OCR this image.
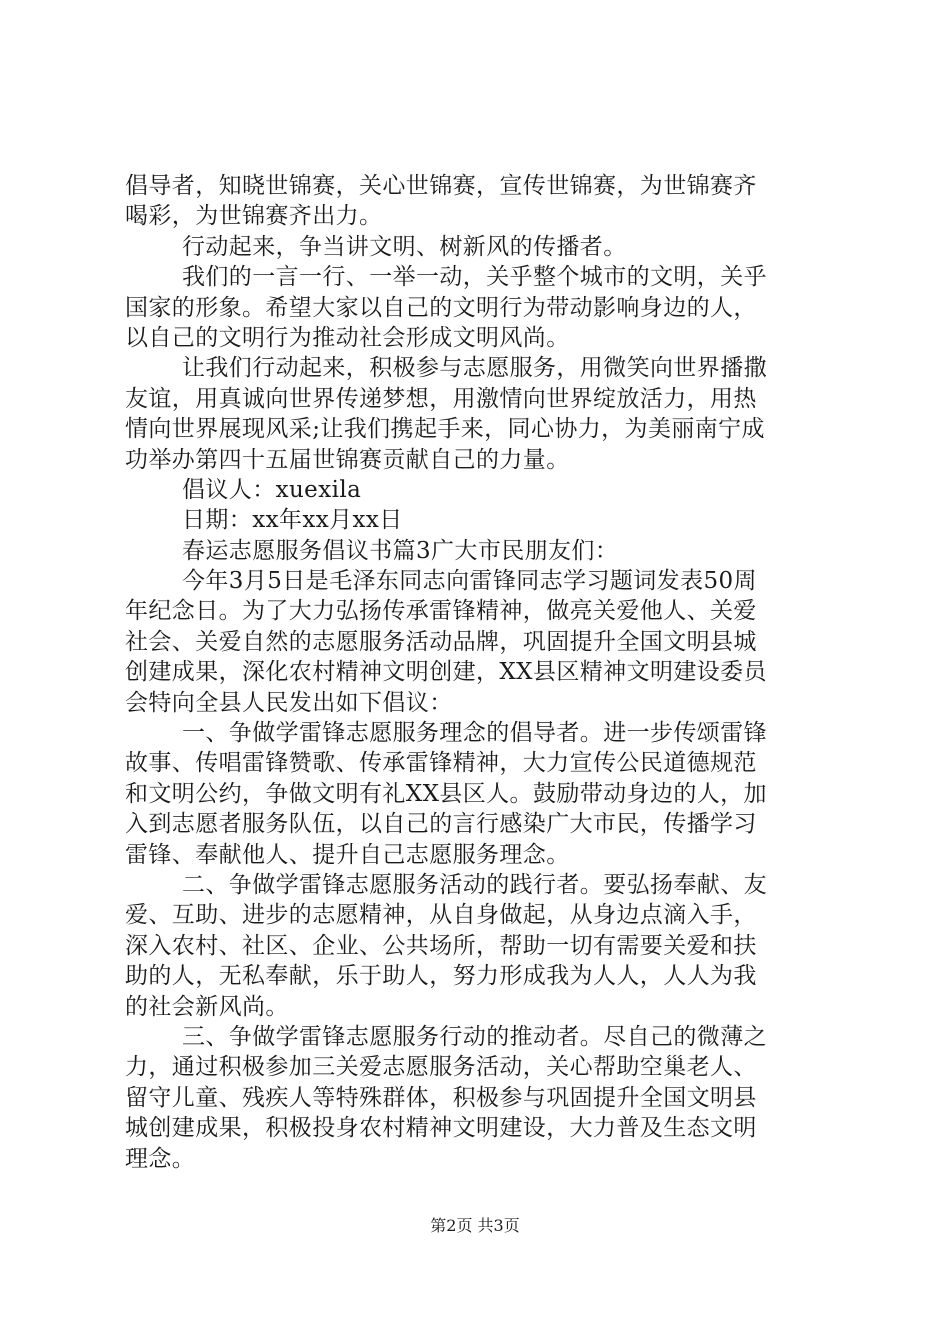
倡导者，知晓世锦赛，关心世锦赛，宣传世锦赛，为世锦赛齐
喝彩，为世锦赛齐出力。
行动起来，争当讲文明、树新风的传播者。
我们的一言一行、一举一动，关乎整个城市的文明，关乎
国家的形象。希望大家以自己的文明行为带动影响身边的人，
以自己的文明行为推动社会形成文明风尚。
让我们行动起来，积极参与志愿服务，用微笑向世界播撒
友谊，用真诚向世界传递梦想，用激情向世界绽放活力，用热
情向世界展现风采;让我们携起手来，同心协力，为美丽南宁成
功举办第四十五届世锦赛贡献自己的力量。
倡议人：xuexila
日期：xx年xx月xx日
春运志愿服务倡议书篇3广大市民朋友们：
今年3月5日是毛泽东同志向雷锋同志学习题词发表50周
年纪念日。为了大力弘扬传承雷锋精神，做亮关爱他人、关爱
社会、关爱自然的志愿服务活动品牌，巩固提升全国文明县城
创建成果，深化农村精神文明创建，XX县区精神文明建设委员
会特向全县人民发出如下倡议：
一、争做学雷锋志愿服务理念的倡导者。进一步传颂雷锋
故事、传唱雷锋赞歌、传承雷锋精神，大力宣传公民道德规范
和文明公约，争做文明有礼XX县区人。鼓励带动身边的人，加
入到志愿者服务队伍，以自己的言行感染广大市民，传播学习
雷锋、奉献他人、提升自己志愿服务理念。
二、争做学雷锋志愿服务活动的践行者。要弘扬奉献、友
爱、互助、进步的志愿精神，从自身做起，从身边点滴入手，
深入农村、社区、企业、公共场所，帮助一切有需要关爱和扶
助的人，无私奉献，乐于助人，努力形成我为人人，人人为我
的社会新风尚。
三、争做学雷锋志愿服务行动的推动者。尽自己的微薄之
力，通过积极参加三关爱志愿服务活动，关心帮助空巢老人、
留守儿童、残疾人等特殊群体，积极参与巩固提升全国文明县
城创建成果，积极投身农村精神文明建设，大力普及生态文明
理念。
第2页 共3页
